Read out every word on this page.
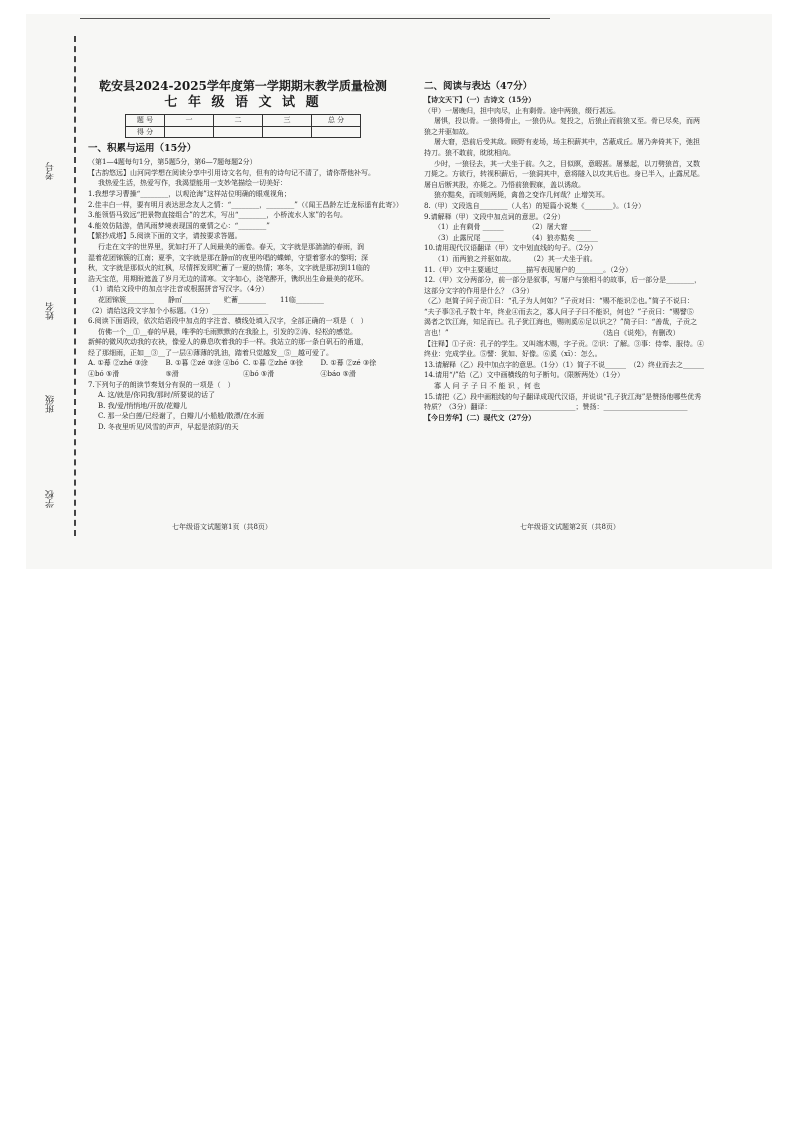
考号
姓名
班级
学校
乾安县2024-2025学年度第一学期期末教学质量检测
七 年 级 语 文 试 题
题 号	一	二	三	总 分
得 分				
一、积累与运用（15分）

（第1—4题每句1分，第5题5分，第6—7题每题2分）

【古韵悠远】山河同学想在阅读分享中引用诗文名句，但有的诗句记不清了，请你帮他补写。

我热爱生活，热爱写作，我渴望能用一支妙笔描绘一切美好：

1.我想学习曹操“________，以观沧海”这样站位明确的眼观视角；

2.佳丰白一样，要有明月表达思念友人之情：“________，________”（《闻王昌龄左迁龙标遥有此寄》）

3.能领悟马致远“把景物直接组合”的艺术，写出“________，小桥流水人家”的名句。

4.能效仿陆游，借风雨梦境表现国的豪情之心：“________”

【繁抄成塔】5.阅读下面的文字，请按要求答题。

行走在文字的世界里，犹如打开了人间最美的画卷。春天，文字就是那湍湍的春雨，润

湿着花团锦簇的江南；夏季，文字就是那在静㎡的夜里吟唱的蝶蝉，守望着寥水的黎明；深

秋，文字就是那似火的红枫，尽情挥发即贮蓄了一夏的热情；寒冬，文字就是那初到11临的

浩天宝范，用期盼遮盖了岁月无边的清寒。文字如心，浇笔醉开，镌织出生命最美的花环。

（1）请给文段中的加点字注音或根据拼音写汉字。（4分）

花团锦簇________　　静㎡________　　贮蓄________　　11临________

（2）请给这段文字加个小标题。（1分）________________

6.阅读下面语段，依次给语段中加点的字注音、横线处填入汉字，全部正确的一项是（　）

仿佛一个__①__春的早晨，唯季的毛雨默默的在我脸上，引发的②涛、轻松的感觉。

新鲜的微风吹动我的衣袂，像爱人的鼻息吹着我的手一样。我站立的那一条白矾石的甬道，

经了那细雨，正如__③__了一层④薄薄的乳油，踏着只觉越发__⑤__越可爱了。

A. ①幕 ②zhé ③涂 ④bó ⑤滑
B. ①暮 ②zé ③涂 ④bó ⑤滑
C. ①暮 ②zhé ③徐 ④bó ⑤滑
D. ①幕 ②zé ③徐 ④báo ⑤滑

7.下列句子的朗读节奏划分有误的一项是（　）

A. 这/就是/你同我/那时/所要说的话了

B. 我/爱/悄悄地/开放/花瓣儿

C. 那一朵白莲/已经谢了，白瓣儿/小船般/散漂/在水面

D. 冬夜里听见/风雪的声声，早起是浓阴/的天

七年级语文试题第1页（共8页）
二、阅读与表达（47分）

【诗文天下】（一）古诗文（15分）

（甲）一屠晚归，担中肉尽，止有剩骨。途中两狼，缀行甚远。

屠惧，投以骨。一狼得骨止，一狼仍从。复投之，后狼止而前狼又至。骨已尽矣，而两

狼之并驱如故。

屠大窘，恐前后受其敌。顾野有麦场，场主积薪其中，苫蔽成丘。屠乃奔倚其下，弛担

持刀。狼不敢前，眈眈相向。

少时，一狼径去，其一犬坐于前。久之，目似瞑，意暇甚。屠暴起，以刀劈狼首，又数

刀毙之。方欲行，转视积薪后，一狼洞其中，意将隧入以攻其后也。身已半入，止露尻尾。

屠自后断其股，亦毙之。乃悟前狼假寐，盖以诱敌。

狼亦黠矣，而顷刻两毙，禽兽之变诈几何哉？止增笑耳。

8.（甲）文段选自________（人名）的短篇小说集《________》。（1分）

9.请解释（甲）文段中加点词的意思。（2分）

（1）止有剩骨 ______　　　　（2）屠大窘 ______

（3）止露尻尾 ______　　　　（4）狼亦黠矣 ______

10.请用现代汉语翻译（甲）文中划直线的句子。（2分）

（1）而两狼之并驱如故。　　　（2）其一犬坐于前。

11.（甲）文中主要通过________描写表现屠户的________。（2分）

12.（甲）文分两部分，前一部分是叙事，写屠户与狼相斗的故事，后一部分是________，

这部分文字的作用是什么？（3分）

（乙）赵简子问子贡①曰：“孔子为人何如？”子贡对曰：“赐不能识②也。”简子不说曰：

“夫子事③孔子数十年，终业④而去之，寡人问子子曰不能识，何也？”子贡曰：“赐譬⑤

渴者之饮江海，知足而已。孔子犹江海也，赐则奚⑥足以识之？”简子曰：“善哉，子贡之

言也！”　　　　　　　　　　　　　　　　　　　　　　（选自《说苑》，有删改）

【注释】①子贡：孔子的学生。又叫端木赐，字子贡。②识：了解。③事：侍奉、服侍。④

终业：完成学业。⑤譬：犹如、好像。⑥奚（xī）：怎么。

13.请解释（乙）段中加点字的意思。（1分）（1）简子不说______　（2）终业而去之______

14.请用“/”给（乙）文中画横线的句子断句。（限断两处）（1分）

寡 人 问 子 子 曰 不 能 识 ，何 也

15.请把（乙）段中画粗线的句子翻译成现代汉语，并说说“孔子犹江海”是赞扬他哪些优秀

特质？（3分）翻译：________________________；赞扬：________________________

【今日芳华】（二）现代文（27分）

七年级语文试题第2页（共8页）
